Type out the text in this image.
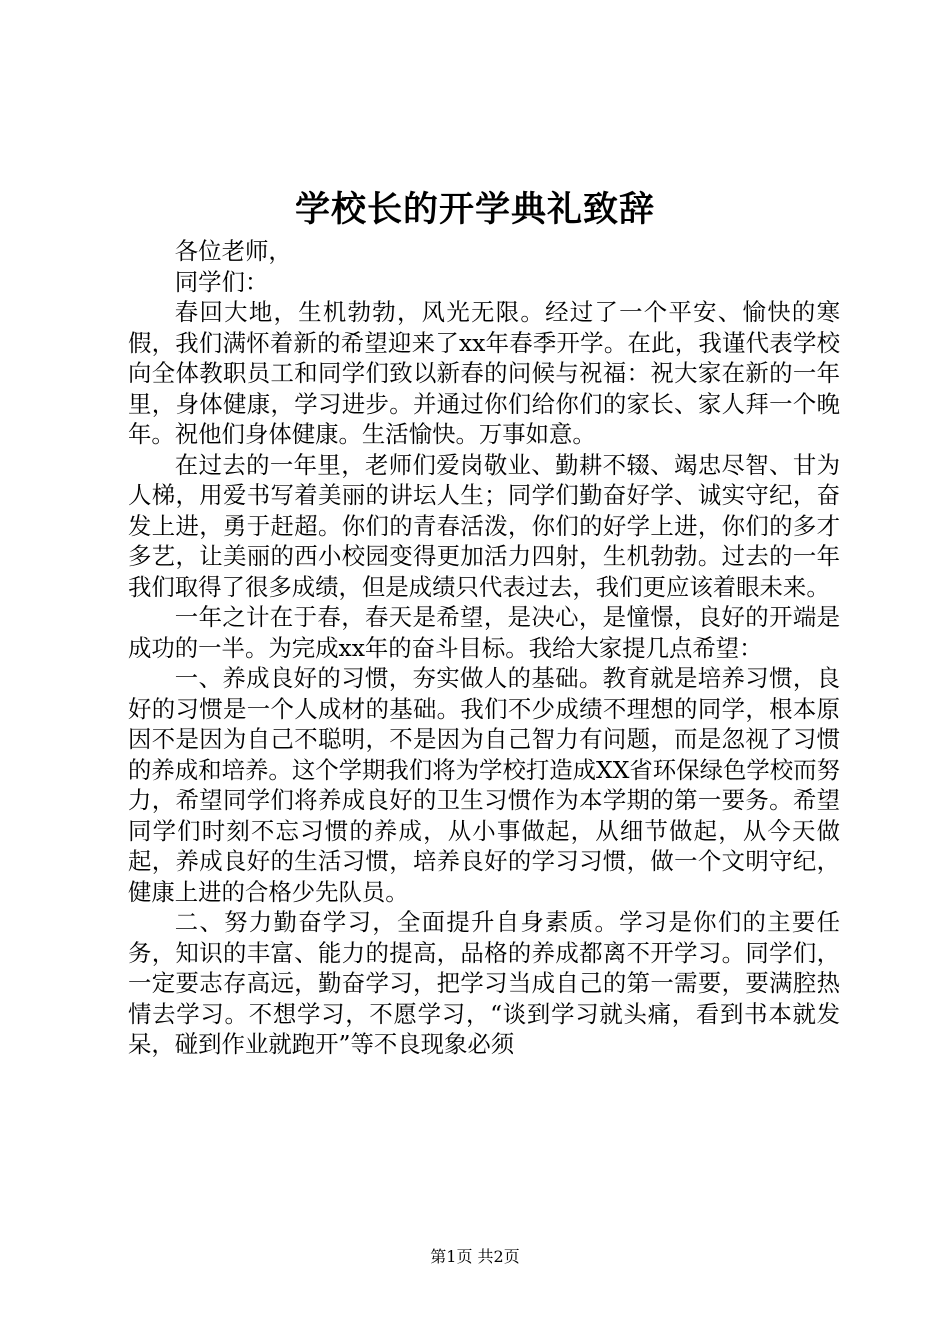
学校长的开学典礼致辞

各位老师，

同学们：

春回大地，生机勃勃，风光无限。经过了一个平安、愉快的寒假，我们满怀着新的希望迎来了xx年春季开学。在此，我谨代表学校向全体教职员工和同学们致以新春的问候与祝福：祝大家在新的一年里，身体健康，学习进步。并通过你们给你们的家长、家人拜一个晚年。祝他们身体健康。生活愉快。万事如意。

在过去的一年里，老师们爱岗敬业、勤耕不辍、竭忠尽智、甘为人梯，用爱书写着美丽的讲坛人生；同学们勤奋好学、诚实守纪，奋发上进，勇于赶超。你们的青春活泼，你们的好学上进，你们的多才多艺，让美丽的西小校园变得更加活力四射，生机勃勃。过去的一年我们取得了很多成绩，但是成绩只代表过去，我们更应该着眼未来。

一年之计在于春，春天是希望，是决心，是憧憬，良好的开端是成功的一半。为完成xx年的奋斗目标。我给大家提几点希望：

一、养成良好的习惯，夯实做人的基础。教育就是培养习惯，良好的习惯是一个人成材的基础。我们不少成绩不理想的同学，根本原因不是因为自己不聪明，不是因为自己智力有问题，而是忽视了习惯的养成和培养。这个学期我们将为学校打造成XX省环保绿色学校而努力，希望同学们将养成良好的卫生习惯作为本学期的第一要务。希望同学们时刻不忘习惯的养成，从小事做起，从细节做起，从今天做起，养成良好的生活习惯，培养良好的学习习惯，做一个文明守纪，健康上进的合格少先队员。

二、努力勤奋学习，全面提升自身素质。学习是你们的主要任务，知识的丰富、能力的提高，品格的养成都离不开学习。同学们，一定要志存高远，勤奋学习，把学习当成自己的第一需要，要满腔热情去学习。不想学习，不愿学习，“谈到学习就头痛，看到书本就发呆，碰到作业就跑开”等不良现象必须

第1页 共2页
